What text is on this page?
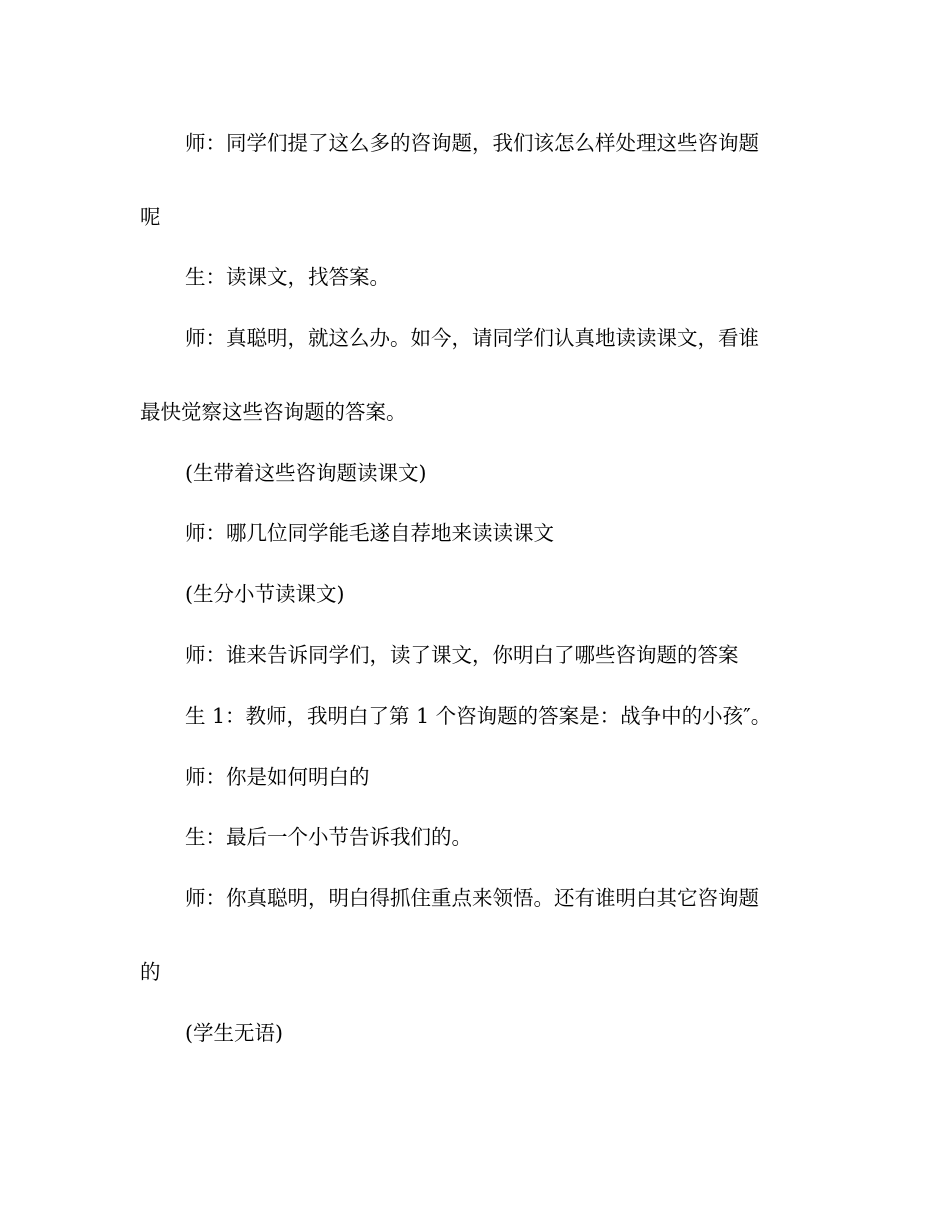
师：同学们提了这么多的咨询题，我们该怎么样处理这些咨询题
呢
生：读课文，找答案。
师：真聪明，就这么办。如今，请同学们认真地读读课文，看谁
最快觉察这些咨询题的答案。
(生带着这些咨询题读课文)
师：哪几位同学能毛遂自荐地来读读课文
(生分小节读课文)
师：谁来告诉同学们，读了课文，你明白了哪些咨询题的答案
生 1：教师，我明白了第 1 个咨询题的答案是：战争中的小孩″。
师：你是如何明白的
生：最后一个小节告诉我们的。
师：你真聪明，明白得抓住重点来领悟。还有谁明白其它咨询题
的
(学生无语)
